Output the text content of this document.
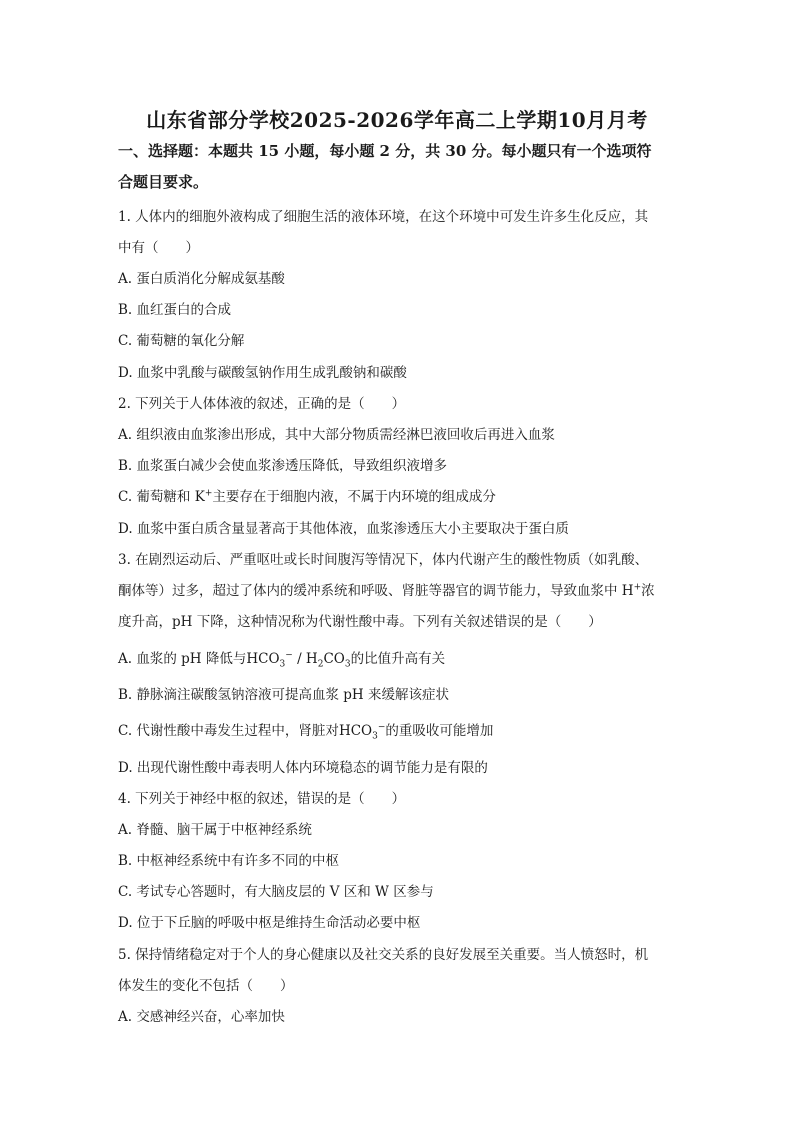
山东省部分学校2025-2026学年高二上学期10月月考
一、选择题：本题共 15 小题，每小题 2 分，共 30 分。每小题只有一个选项符
合题目要求。
1. 人体内的细胞外液构成了细胞生活的液体环境，在这个环境中可发生许多生化反应，其
中有（　　）
A. 蛋白质消化分解成氨基酸
B. 血红蛋白的合成
C. 葡萄糖的氧化分解
D. 血浆中乳酸与碳酸氢钠作用生成乳酸钠和碳酸
2. 下列关于人体体液的叙述，正确的是（　　）
A. 组织液由血浆渗出形成，其中大部分物质需经淋巴液回收后再进入血浆
B. 血浆蛋白减少会使血浆渗透压降低，导致组织液增多
C. 葡萄糖和 K+主要存在于细胞内液，不属于内环境的组成成分
D. 血浆中蛋白质含量显著高于其他体液，血浆渗透压大小主要取决于蛋白质
3. 在剧烈运动后、严重呕吐或长时间腹泻等情况下，体内代谢产生的酸性物质（如乳酸、
酮体等）过多，超过了体内的缓冲系统和呼吸、肾脏等器官的调节能力，导致血浆中 H+浓
度升高，pH 下降，这种情况称为代谢性酸中毒。下列有关叙述错误的是（　　）
A. 血浆的 pH 降低与$HCO_3^- / H_2CO_3$的比值升高有关
B. 静脉滴注碳酸氢钠溶液可提高血浆 pH 来缓解该症状
C. 代谢性酸中毒发生过程中，肾脏对$HCO_3^-$的重吸收可能增加
D. 出现代谢性酸中毒表明人体内环境稳态的调节能力是有限的
4. 下列关于神经中枢的叙述，错误的是（　　）
A. 脊髓、脑干属于中枢神经系统
B. 中枢神经系统中有许多不同的中枢
C. 考试专心答题时，有大脑皮层的 V 区和 W 区参与
D. 位于下丘脑的呼吸中枢是维持生命活动必要中枢
5. 保持情绪稳定对于个人的身心健康以及社交关系的良好发展至关重要。当人愤怒时，机
体发生的变化不包括（　　）
A. 交感神经兴奋，心率加快
